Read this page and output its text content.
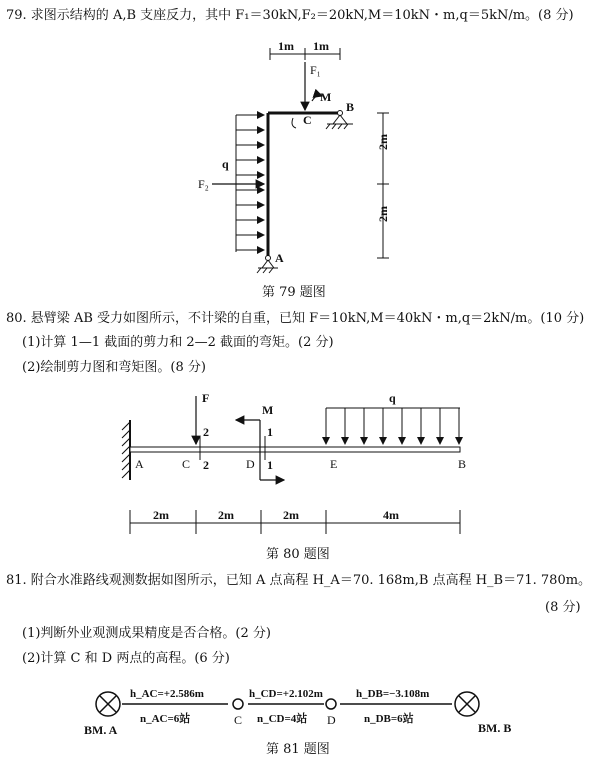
79. 求图示结构的 A,B 支座反力，其中 F₁＝30kN,F₂＝20kN,M＝10kN・m,q＝5kN/m。(8 分)
1m 1m
F₁
M
C
B
q
F₂
A
2m
2m
第 79 题图
80. 悬臂梁 AB 受力如图所示，不计梁的自重，已知 F＝10kN,M＝40kN・m,q＝2kN/m。(10 分)
(1)计算 1—1 截面的剪力和 2—2 截面的弯矩。(2 分)
(2)绘制剪力图和弯矩图。(8 分)
F
2
2
M
1
1
q
A	C	D	E	B
2m	2m	2m	4m
第 80 题图
81. 附合水准路线观测数据如图所示，已知 A 点高程 H_A＝70. 168m,B 点高程 H_B＝71. 780m。
(8 分)
(1)判断外业观测成果精度是否合格。(2 分)
(2)计算 C 和 D 两点的高程。(6 分)
h_AC=+2.586m
n_AC=6站
h_CD=+2.102m
n_CD=4站
h_DB=−3.108m
n_DB=6站
BM. A
C	D
BM. B
第 81 题图
